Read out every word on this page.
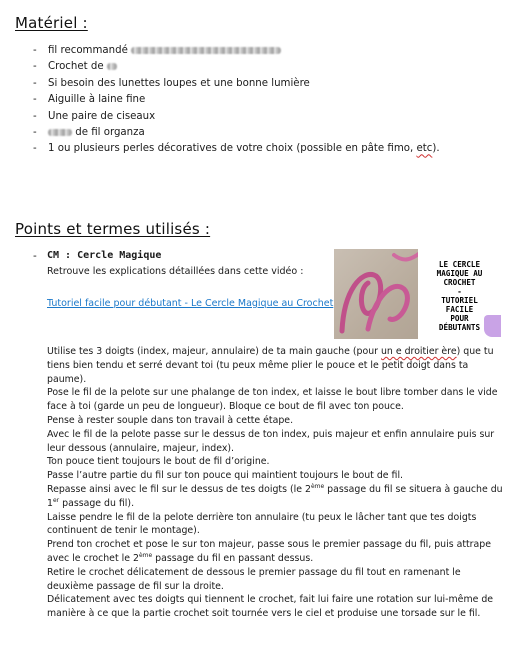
Matériel :
- fil recommandé
- Crochet de
- Si besoin des lunettes loupes et une bonne lumière
- Aiguille à laine fine
- Une paire de ciseaux
- de fil organza
- 1 ou plusieurs perles décoratives de votre choix (possible en pâte fimo, etc).
Points et termes utilisés :
- CM : Cercle Magique
Retrouve les explications détaillées dans cette vidéo :
Tutoriel facile pour débutant - Le Cercle Magique au Crochet
LE CERCLE
MAGIQUE AU
CROCHET
-
TUTORIEL
FACILE
POUR
DÉBUTANTS

Utilise tes 3 doigts (index, majeur, annulaire) de ta main gauche (pour un e droitier ère) que tu tiens bien tendu et serré devant toi (tu peux même plier le pouce et le petit doigt dans ta paume).

Pose le fil de la pelote sur une phalange de ton index, et laisse le bout libre tomber dans le vide face à toi (garde un peu de longueur). Bloque ce bout de fil avec ton pouce.

Pense à rester souple dans ton travail à cette étape.

Avec le fil de la pelote passe sur le dessus de ton index, puis majeur et enfin annulaire puis sur leur dessous (annulaire, majeur, index).

Ton pouce tient toujours le bout de fil d’origine.

Passe l’autre partie du fil sur ton pouce qui maintient toujours le bout de fil.

Repasse ainsi avec le fil sur le dessus de tes doigts (le 2ème passage du fil se situera à gauche du 1er passage du fil).

Laisse pendre le fil de la pelote derrière ton annulaire (tu peux le lâcher tant que tes doigts continuent de tenir le montage).

Prend ton crochet et pose le sur ton majeur, passe sous le premier passage du fil, puis attrape avec le crochet le 2ème passage du fil en passant dessus.

Retire le crochet délicatement de dessous le premier passage du fil tout en ramenant le deuxième passage de fil sur la droite.

Délicatement avec tes doigts qui tiennent le crochet, fait lui faire une rotation sur lui-même de manière à ce que la partie crochet soit tournée vers le ciel et produise une torsade sur le fil.
